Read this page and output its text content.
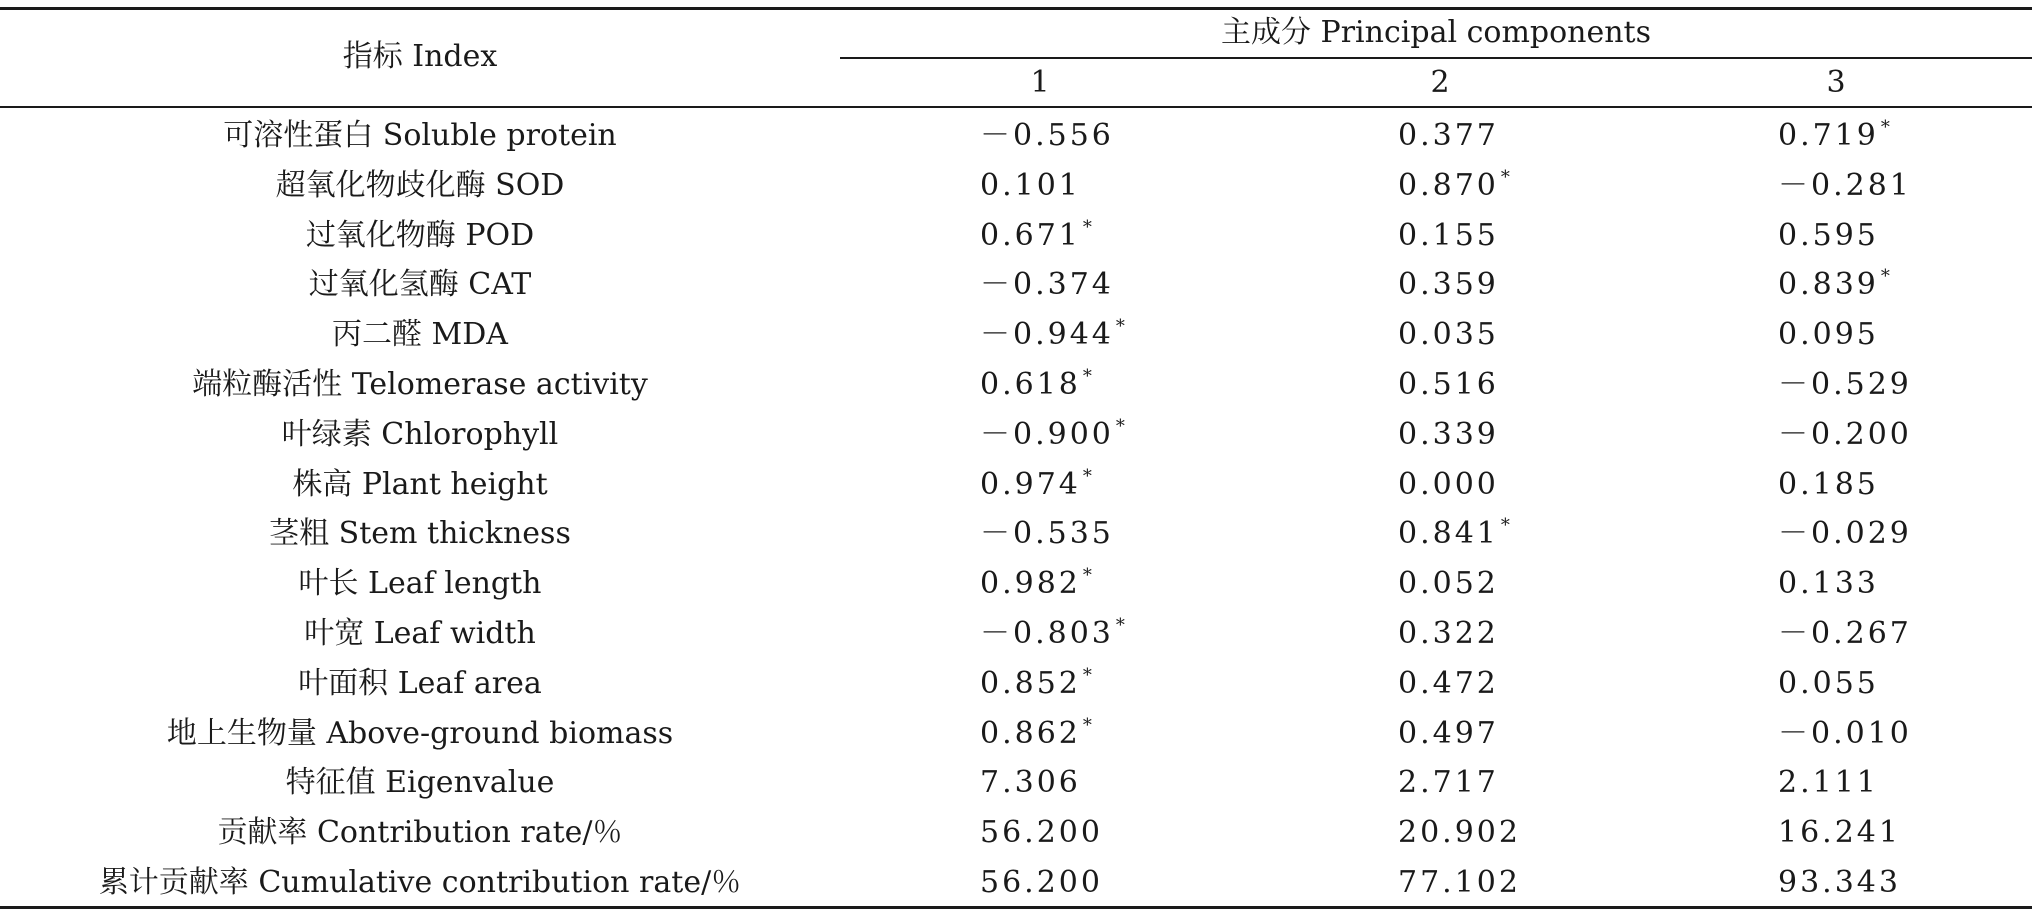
指标 Index
主成分 Principal components
1	2	3
可溶性蛋白 Soluble protein	－0.556	0.377	0.719 *
超氧化物歧化酶 SOD	0.101	0.870 *	－0.281
过氧化物酶 POD	0.671 *	0.155	0.595
过氧化氢酶 CAT	－0.374	0.359	0.839 *
丙二醛 MDA	－0.944 *	0.035	0.095
端粒酶活性 Telomerase activity	0.618 *	0.516	－0.529
叶绿素 Chlorophyll	－0.900 *	0.339	－0.200
株高 Plant height	0.974 *	0.000	0.185
茎粗 Stem thickness	－0.535	0.841 *	－0.029
叶长 Leaf length	0.982 *	0.052	0.133
叶宽 Leaf width	－0.803 *	0.322	－0.267
叶面积 Leaf area	0.852 *	0.472	0.055
地上生物量 Above-ground biomass	0.862 *	0.497	－0.010
特征值 Eigenvalue	7.306	2.717	2.111
贡献率 Contribution rate/％	56.200	20.902	16.241
累计贡献率 Cumulative contribution rate/％	56.200	77.102	93.343
